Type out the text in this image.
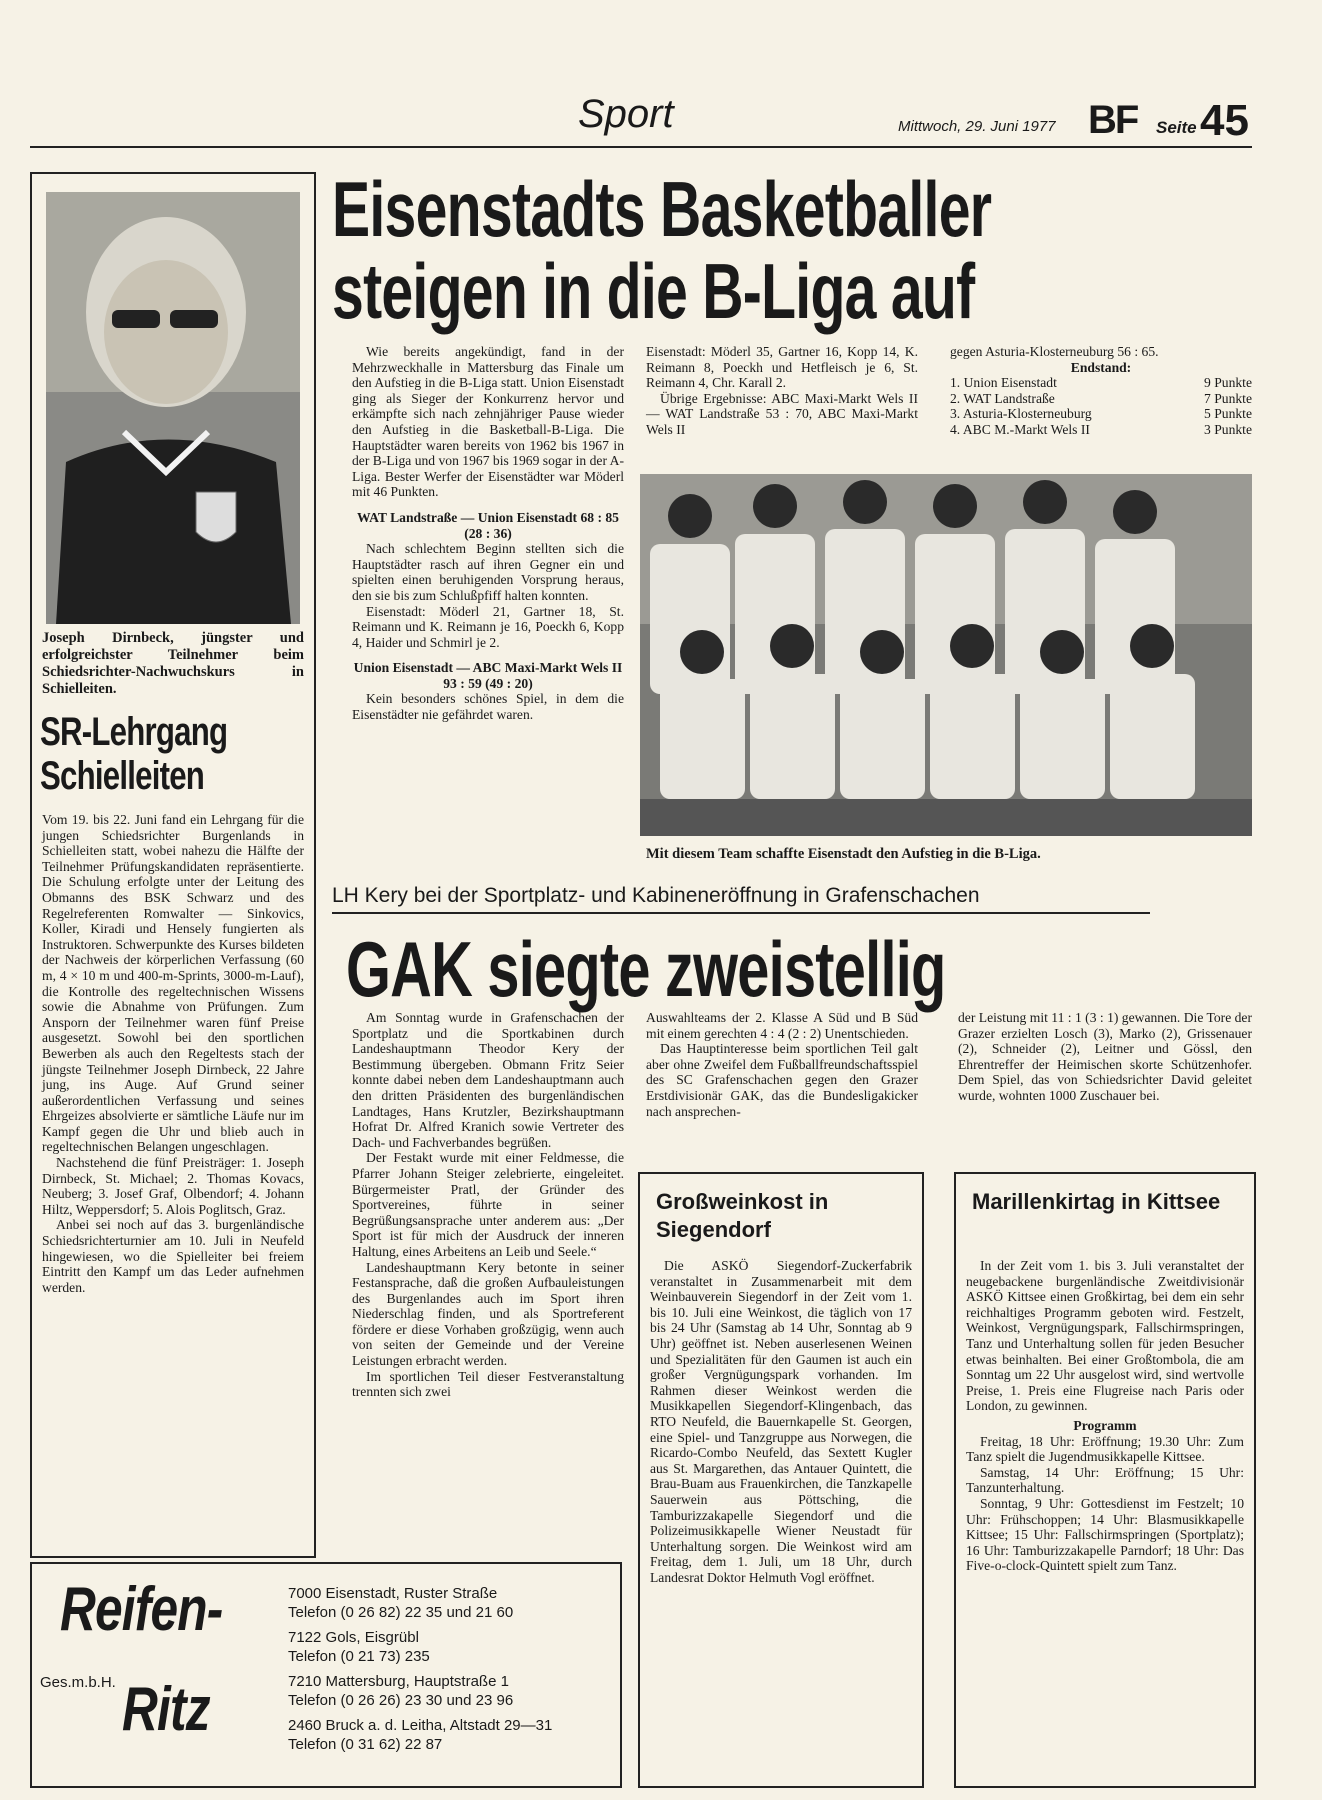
Sport	Mittwoch, 29. Juni 1977 BF Seite 45
Joseph Dirnbeck, jüngster und erfolgreichster Teilnehmer beim Schiedsrichter-Nachwuchskurs in Schielleiten.
SR-Lehrgang
Schielleiten

Vom 19. bis 22. Juni fand ein Lehrgang für die jungen Schiedsrichter Burgenlands in Schielleiten statt, wobei nahezu die Hälfte der Teilnehmer Prüfungskandidaten repräsentierte. Die Schulung erfolgte unter der Leitung des Obmanns des BSK Schwarz und des Regelreferenten Romwalter — Sinkovics, Koller, Kiradi und Hensely fungierten als Instruktoren. Schwerpunkte des Kurses bildeten der Nachweis der körperlichen Verfassung (60 m, 4 × 10 m und 400-m-Sprints, 3000-m-Lauf), die Kontrolle des regeltechnischen Wissens sowie die Abnahme von Prüfungen. Zum Ansporn der Teilnehmer waren fünf Preise ausgesetzt. Sowohl bei den sportlichen Bewerben als auch den Regeltests stach der jüngste Teilnehmer Joseph Dirnbeck, 22 Jahre jung, ins Auge. Auf Grund seiner außerordentlichen Verfassung und seines Ehrgeizes absolvierte er sämtliche Läufe nur im Kampf gegen die Uhr und blieb auch in regeltechnischen Belangen ungeschlagen.

Nachstehend die fünf Preisträger: 1. Joseph Dirnbeck, St. Michael; 2. Thomas Kovacs, Neuberg; 3. Josef Graf, Olbendorf; 4. Johann Hiltz, Weppersdorf; 5. Alois Poglitsch, Graz.

Anbei sei noch auf das 3. burgenländische Schiedsrichterturnier am 10. Juli in Neufeld hingewiesen, wo die Spielleiter bei freiem Eintritt den Kampf um das Leder aufnehmen werden.

Eisenstadts Basketballer
steigen in die B-Liga auf

Wie bereits angekündigt, fand in der Mehrzweckhalle in Mattersburg das Finale um den Aufstieg in die B-Liga statt. Union Eisenstadt ging als Sieger der Konkurrenz hervor und erkämpfte sich nach zehnjähriger Pause wieder den Aufstieg in die Basketball-B-Liga. Die Hauptstädter waren bereits von 1962 bis 1967 in der B-Liga und von 1967 bis 1969 sogar in der A-Liga. Bester Werfer der Eisenstädter war Möderl mit 46 Punkten.

WAT Landstraße — Union Eisenstadt 68 : 85 (28 : 36)

Nach schlechtem Beginn stellten sich die Hauptstädter rasch auf ihren Gegner ein und spielten einen beruhigenden Vorsprung heraus, den sie bis zum Schlußpfiff halten konnten.

Eisenstadt: Möderl 21, Gartner 18, St. Reimann und K. Reimann je 16, Poeckh 6, Kopp 4, Haider und Schmirl je 2.

Union Eisenstadt — ABC Maxi-Markt Wels II 93 : 59 (49 : 20)

Kein besonders schönes Spiel, in dem die Eisenstädter nie gefährdet waren.

Eisenstadt: Möderl 35, Gartner 16, Kopp 14, K. Reimann 8, Poeckh und Hetfleisch je 6, St. Reimann 4, Chr. Karall 2.

Übrige Ergebnisse: ABC Maxi-Markt Wels II — WAT Landstraße 53 : 70, ABC Maxi-Markt Wels II

gegen Asturia-Klosterneuburg 56 : 65.

Endstand:

1. Union Eisenstadt	9 Punkte
2. WAT Landstraße	7 Punkte
3. Asturia-Klosterneuburg	5 Punkte
4. ABC M.-Markt Wels II	3 Punkte
Mit diesem Team schaffte Eisenstadt den Aufstieg in die B-Liga.
LH Kery bei der Sportplatz- und Kabineneröffnung in Grafenschachen
GAK siegte zweistellig

Am Sonntag wurde in Grafenschachen der Sportplatz und die Sportkabinen durch Landeshauptmann Theodor Kery der Bestimmung übergeben. Obmann Fritz Seier konnte dabei neben dem Landeshauptmann auch den dritten Präsidenten des burgenländischen Landtages, Hans Krutzler, Bezirkshauptmann Hofrat Dr. Alfred Kranich sowie Vertreter des Dach- und Fachverbandes begrüßen.

Der Festakt wurde mit einer Feldmesse, die Pfarrer Johann Steiger zelebrierte, eingeleitet. Bürgermeister Pratl, der Gründer des Sportvereines, führte in seiner Begrüßungsansprache unter anderem aus: „Der Sport ist für mich der Ausdruck der inneren Haltung, eines Arbeitens an Leib und Seele.“

Landeshauptmann Kery betonte in seiner Festansprache, daß die großen Aufbauleistungen des Burgenlandes auch im Sport ihren Niederschlag finden, und als Sportreferent fördere er diese Vorhaben großzügig, wenn auch von seiten der Gemeinde und der Vereine Leistungen erbracht werden.

Im sportlichen Teil dieser Festveranstaltung trennten sich zwei

Auswahlteams der 2. Klasse A Süd und B Süd mit einem gerechten 4 : 4 (2 : 2) Unentschieden.

Das Hauptinteresse beim sportlichen Teil galt aber ohne Zweifel dem Fußballfreundschaftsspiel des SC Grafenschachen gegen den Grazer Erstdivisionär GAK, das die Bundesligakicker nach ansprechen-

der Leistung mit 11 : 1 (3 : 1) gewannen. Die Tore der Grazer erzielten Losch (3), Marko (2), Grissenauer (2), Schneider (2), Leitner und Gössl, den Ehrentreffer der Heimischen skorte Schützenhofer. Dem Spiel, das von Schiedsrichter David geleitet wurde, wohnten 1000 Zuschauer bei.

Großweinkost in Siegendorf

Die ASKÖ Siegendorf-Zuckerfabrik veranstaltet in Zusammenarbeit mit dem Weinbauverein Siegendorf in der Zeit vom 1. bis 10. Juli eine Weinkost, die täglich von 17 bis 24 Uhr (Samstag ab 14 Uhr, Sonntag ab 9 Uhr) geöffnet ist. Neben auserlesenen Weinen und Spezialitäten für den Gaumen ist auch ein großer Vergnügungspark vorhanden. Im Rahmen dieser Weinkost werden die Musikkapellen Siegendorf-Klingenbach, das RTO Neufeld, die Bauernkapelle St. Georgen, eine Spiel- und Tanzgruppe aus Norwegen, die Ricardo-Combo Neufeld, das Sextett Kugler aus St. Margarethen, das Antauer Quintett, die Brau-Buam aus Frauenkirchen, die Tanzkapelle Sauerwein aus Pöttsching, die Tamburizzakapelle Siegendorf und die Polizeimusikkapelle Wiener Neustadt für Unterhaltung sorgen. Die Weinkost wird am Freitag, dem 1. Juli, um 18 Uhr, durch Landesrat Doktor Helmuth Vogl eröffnet.

Marillenkirtag in Kittsee

In der Zeit vom 1. bis 3. Juli veranstaltet der neugebackene burgenländische Zweitdivisionär ASKÖ Kittsee einen Großkirtag, bei dem ein sehr reichhaltiges Programm geboten wird. Festzelt, Weinkost, Vergnügungspark, Fallschirmspringen, Tanz und Unterhaltung sollen für jeden Besucher etwas beinhalten. Bei einer Großtombola, die am Sonntag um 22 Uhr ausgelost wird, sind wertvolle Preise, 1. Preis eine Flugreise nach Paris oder London, zu gewinnen.

Programm

Freitag, 18 Uhr: Eröffnung; 19.30 Uhr: Zum Tanz spielt die Jugendmusikkapelle Kittsee.

Samstag, 14 Uhr: Eröffnung; 15 Uhr: Tanzunterhaltung.

Sonntag, 9 Uhr: Gottesdienst im Festzelt; 10 Uhr: Frühschoppen; 14 Uhr: Blasmusikkapelle Kittsee; 15 Uhr: Fallschirmspringen (Sportplatz); 16 Uhr: Tamburizzakapelle Parndorf; 18 Uhr: Das Five-o-clock-Quintett spielt zum Tanz.

Reifen-
Ges.m.b.H. Ritz
7000 Eisenstadt, Ruster Straße
Telefon (0 26 82) 22 35 und 21 60
7122 Gols, Eisgrübl
Telefon (0 21 73) 235
7210 Mattersburg, Hauptstraße 1
Telefon (0 26 26) 23 30 und 23 96
2460 Bruck a. d. Leitha, Altstadt 29—31
Telefon (0 31 62) 22 87
